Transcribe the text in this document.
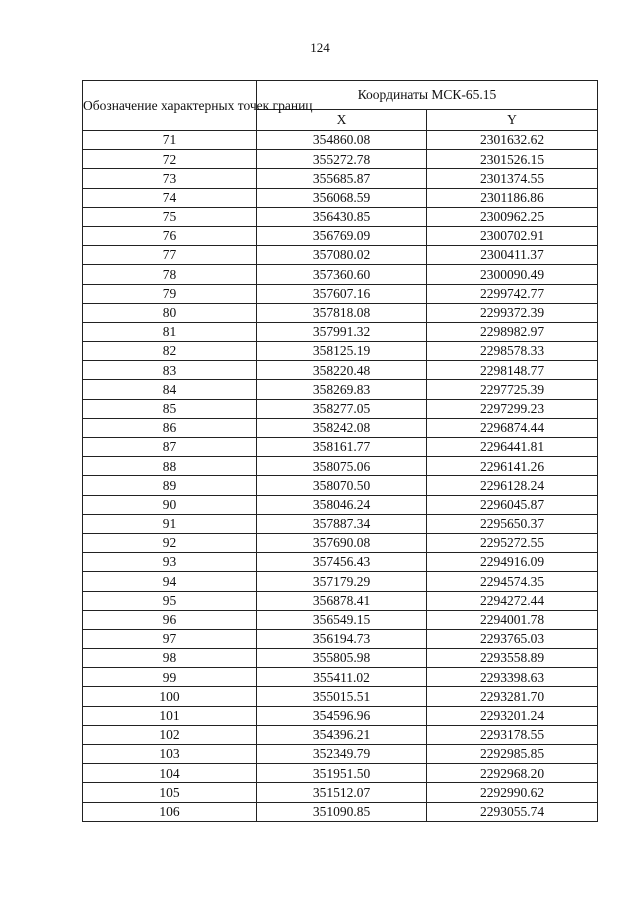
124
Обозначение характерных точек границ	Координаты МСК-65.15	
	X	Y
71	354860.08	2301632.62
72	355272.78	2301526.15
73	355685.87	2301374.55
74	356068.59	2301186.86
75	356430.85	2300962.25
76	356769.09	2300702.91
77	357080.02	2300411.37
78	357360.60	2300090.49
79	357607.16	2299742.77
80	357818.08	2299372.39
81	357991.32	2298982.97
82	358125.19	2298578.33
83	358220.48	2298148.77
84	358269.83	2297725.39
85	358277.05	2297299.23
86	358242.08	2296874.44
87	358161.77	2296441.81
88	358075.06	2296141.26
89	358070.50	2296128.24
90	358046.24	2296045.87
91	357887.34	2295650.37
92	357690.08	2295272.55
93	357456.43	2294916.09
94	357179.29	2294574.35
95	356878.41	2294272.44
96	356549.15	2294001.78
97	356194.73	2293765.03
98	355805.98	2293558.89
99	355411.02	2293398.63
100	355015.51	2293281.70
101	354596.96	2293201.24
102	354396.21	2293178.55
103	352349.79	2292985.85
104	351951.50	2292968.20
105	351512.07	2292990.62
106	351090.85	2293055.74
